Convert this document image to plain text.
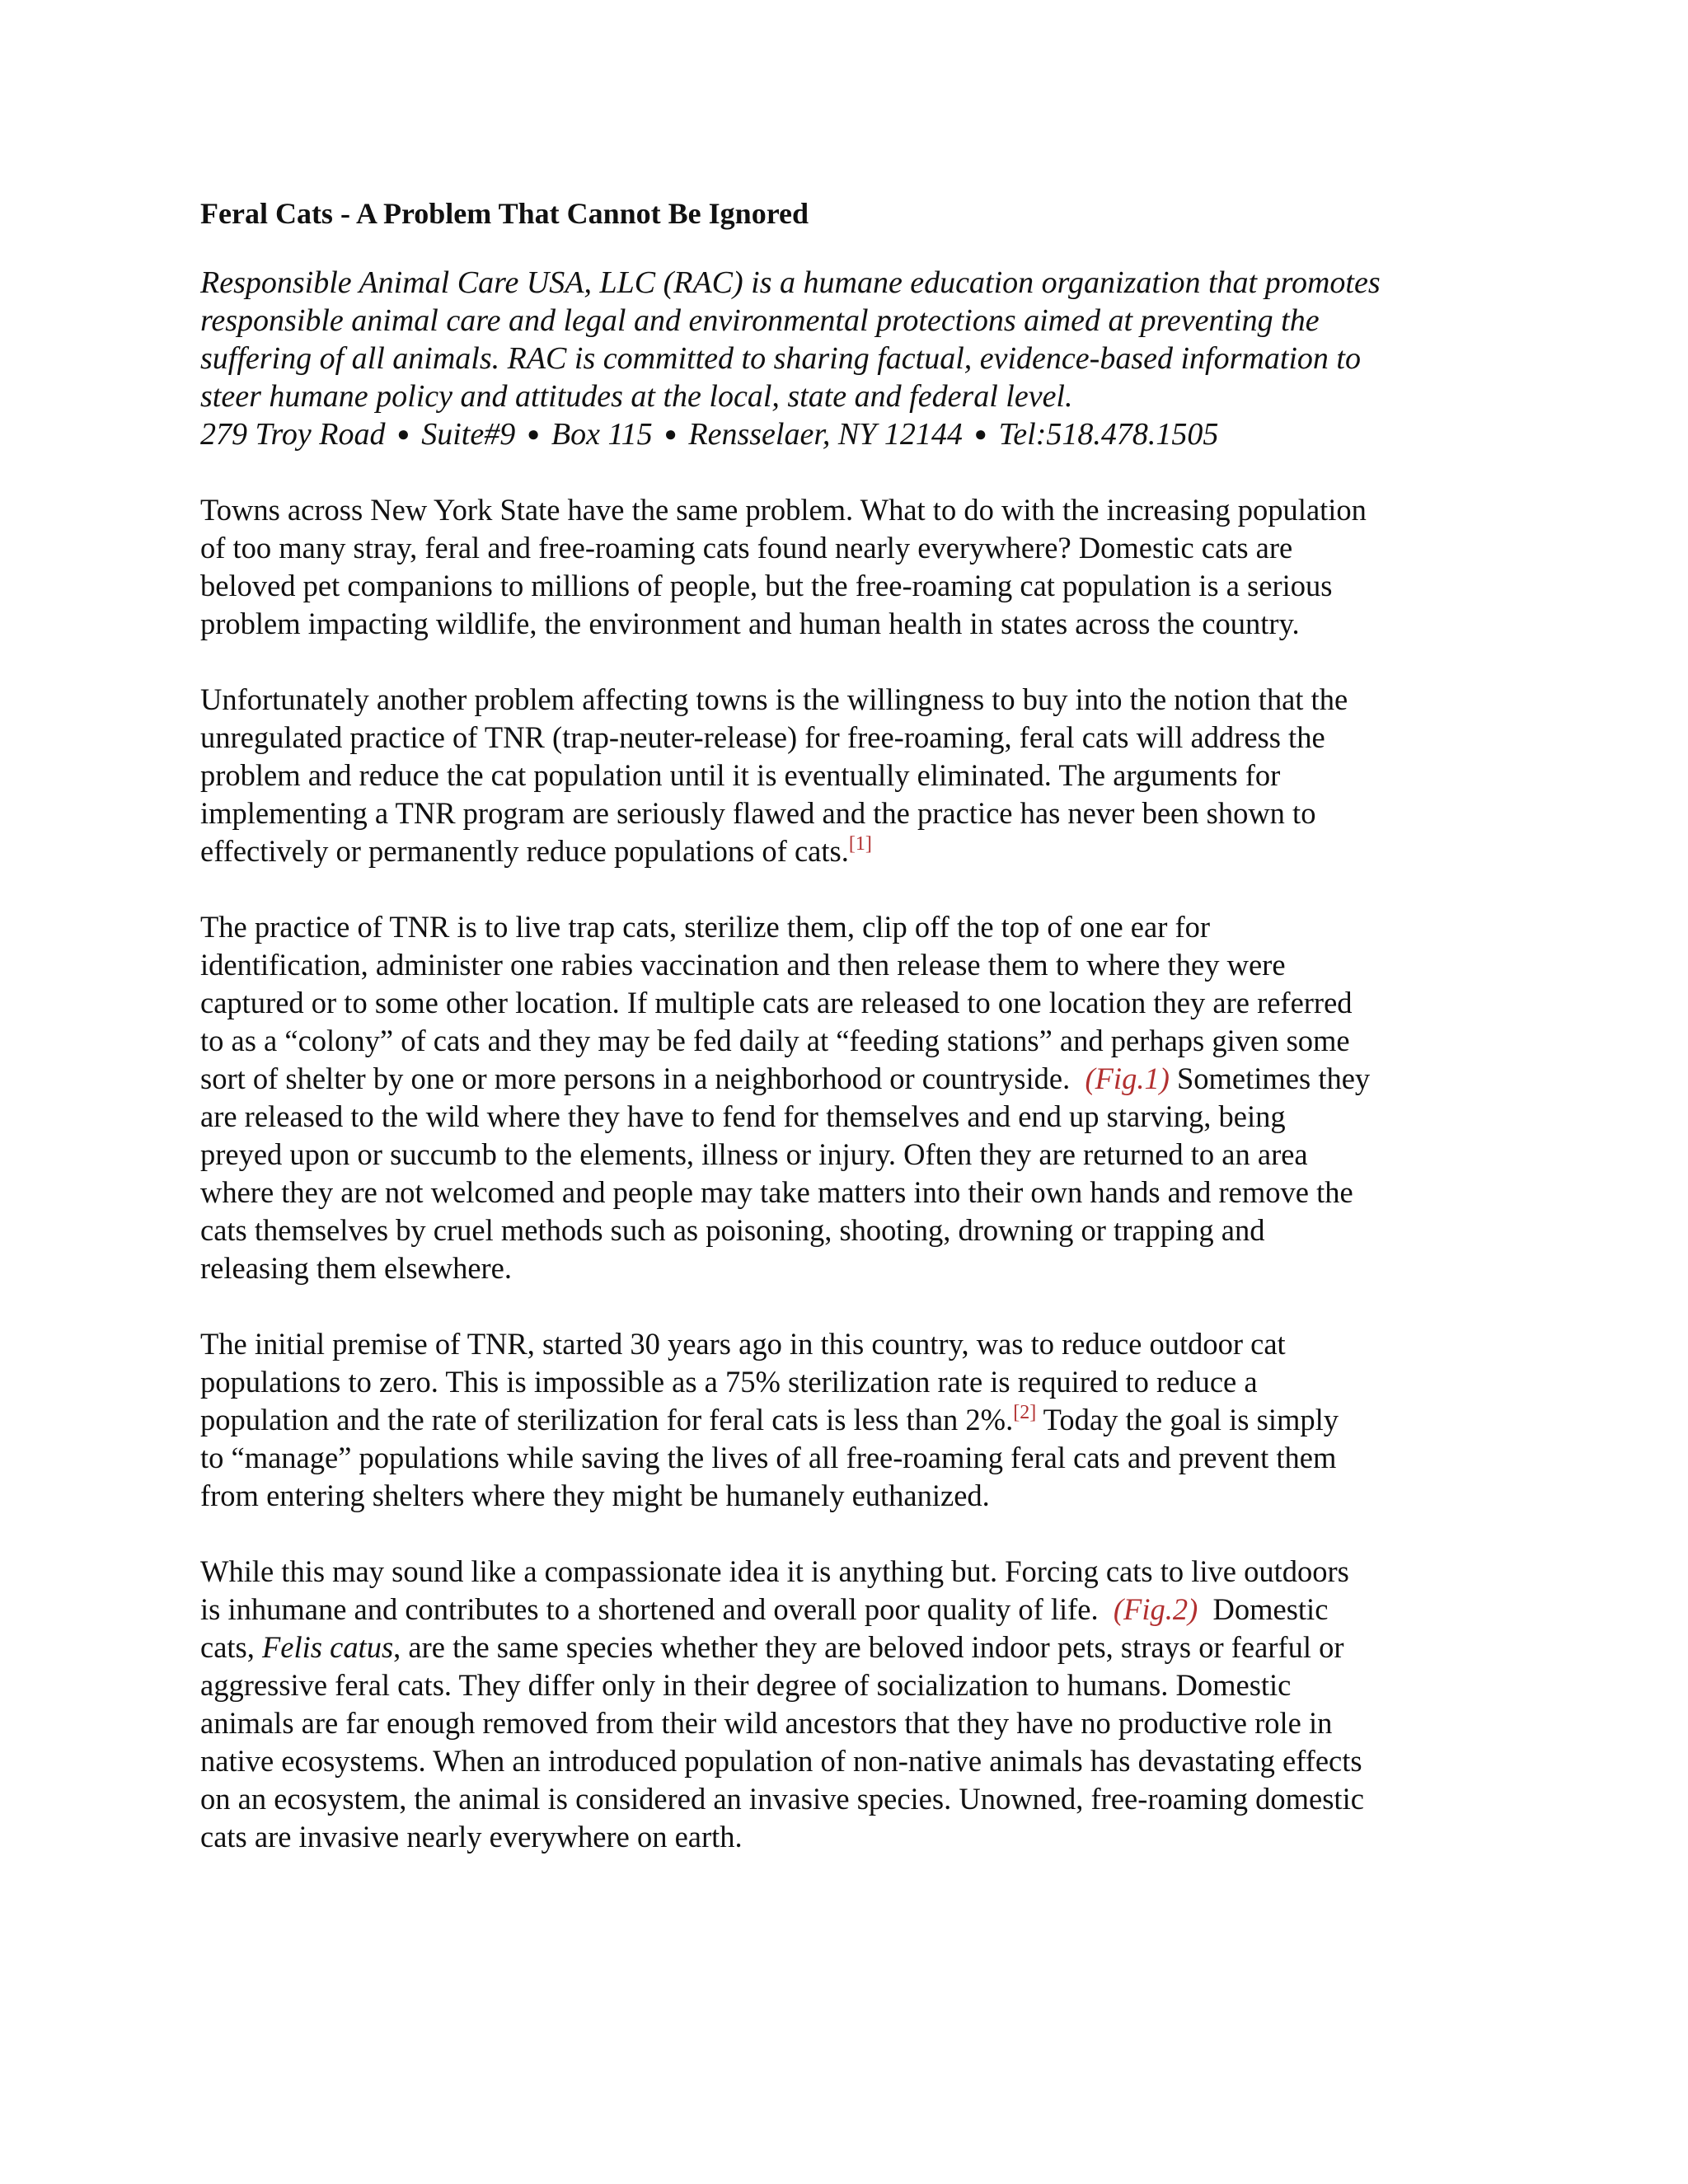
Feral Cats - A Problem That Cannot Be Ignored
Responsible Animal Care USA, LLC (RAC) is a humane education organization that promotes
responsible animal care and legal and environmental protections aimed at preventing the
suffering of all animals. RAC is committed to sharing factual, evidence-based information to
steer humane policy and attitudes at the local, state and federal level.
279 Troy Road ● Suite#9 ● Box 115 ● Rensselaer, NY 12144 ● Tel:518.478.1505
Towns across New York State have the same problem. What to do with the increasing population
of too many stray, feral and free-roaming cats found nearly everywhere? Domestic cats are
beloved pet companions to millions of people, but the free-roaming cat population is a serious
problem impacting wildlife, the environment and human health in states across the country.
Unfortunately another problem affecting towns is the willingness to buy into the notion that the
unregulated practice of TNR (trap-neuter-release) for free-roaming, feral cats will address the
problem and reduce the cat population until it is eventually eliminated. The arguments for
implementing a TNR program are seriously flawed and the practice has never been shown to
effectively or permanently reduce populations of cats.[1]
The practice of TNR is to live trap cats, sterilize them, clip off the top of one ear for
identification, administer one rabies vaccination and then release them to where they were
captured or to some other location. If multiple cats are released to one location they are referred
to as a “colony” of cats and they may be fed daily at “feeding stations” and perhaps given some
sort of shelter by one or more persons in a neighborhood or countryside. (Fig.1) Sometimes they
are released to the wild where they have to fend for themselves and end up starving, being
preyed upon or succumb to the elements, illness or injury. Often they are returned to an area
where they are not welcomed and people may take matters into their own hands and remove the
cats themselves by cruel methods such as poisoning, shooting, drowning or trapping and
releasing them elsewhere.
The initial premise of TNR, started 30 years ago in this country, was to reduce outdoor cat
populations to zero. This is impossible as a 75% sterilization rate is required to reduce a
population and the rate of sterilization for feral cats is less than 2%.[2] Today the goal is simply
to “manage” populations while saving the lives of all free-roaming feral cats and prevent them
from entering shelters where they might be humanely euthanized.
While this may sound like a compassionate idea it is anything but. Forcing cats to live outdoors
is inhumane and contributes to a shortened and overall poor quality of life. (Fig.2) Domestic
cats, Felis catus, are the same species whether they are beloved indoor pets, strays or fearful or
aggressive feral cats. They differ only in their degree of socialization to humans. Domestic
animals are far enough removed from their wild ancestors that they have no productive role in
native ecosystems. When an introduced population of non-native animals has devastating effects
on an ecosystem, the animal is considered an invasive species. Unowned, free-roaming domestic
cats are invasive nearly everywhere on earth.
